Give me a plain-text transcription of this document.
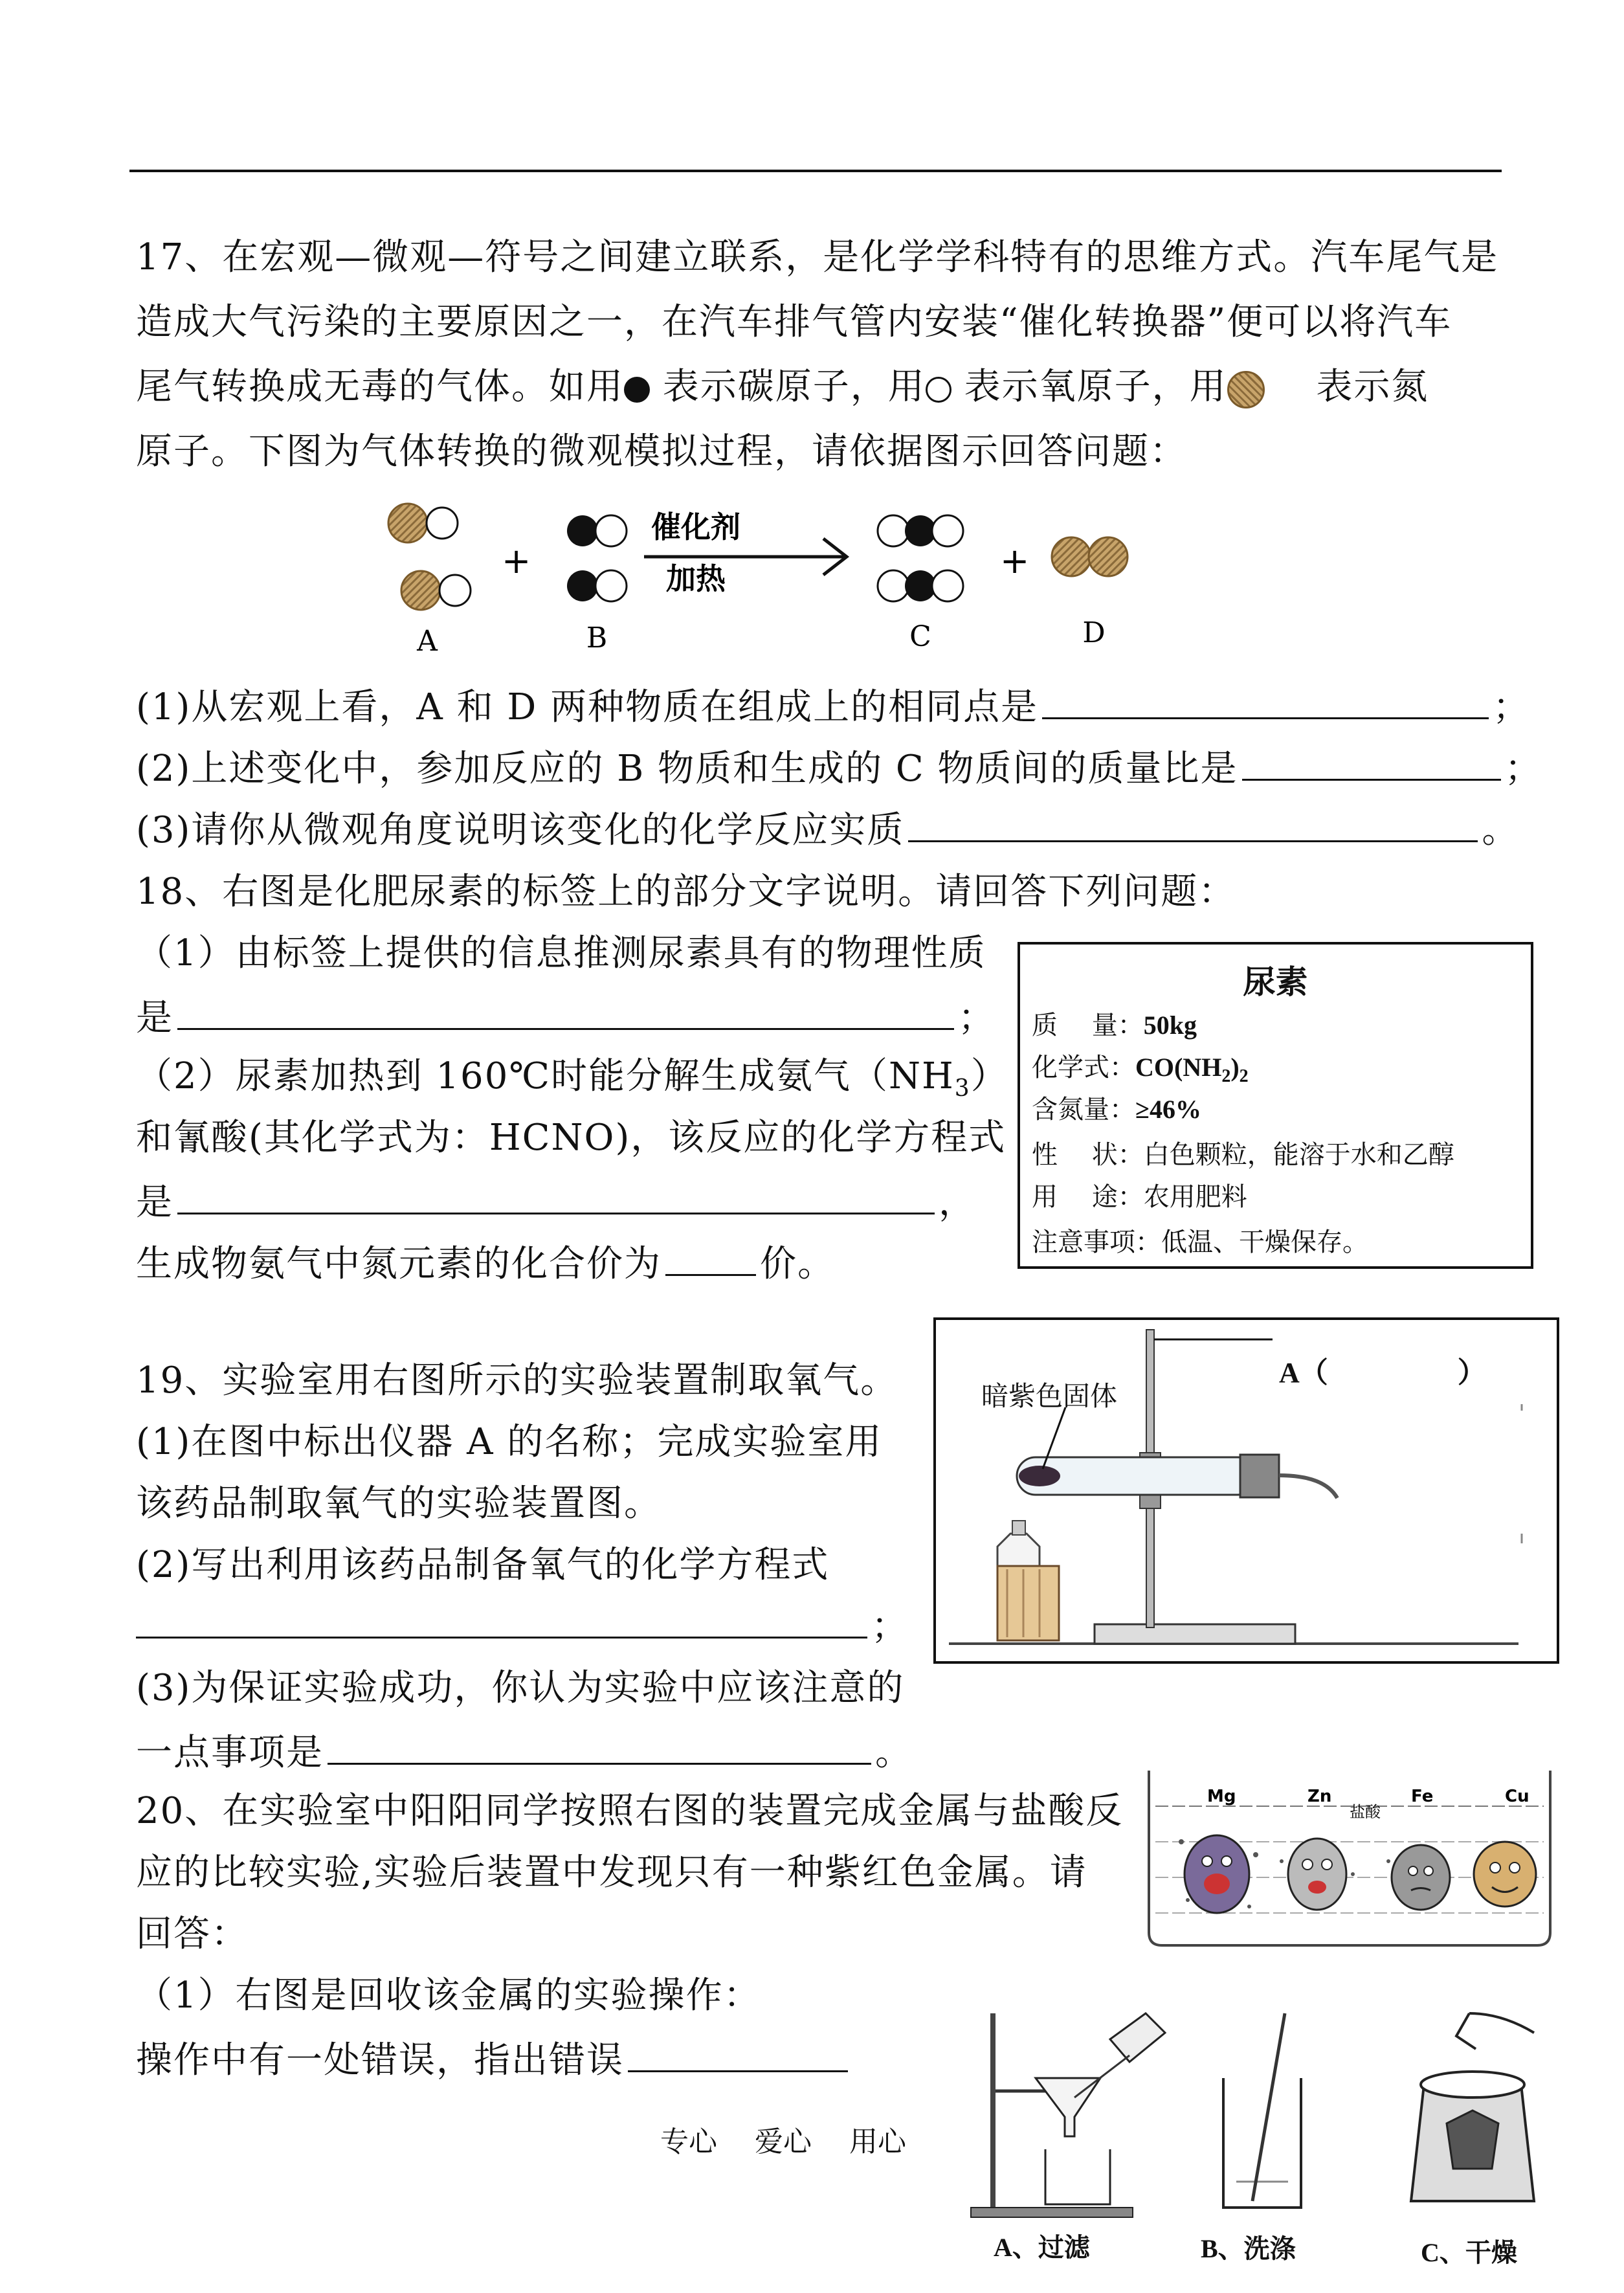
17、在宏观—微观—符号之间建立联系，是化学学科特有的思维方式。汽车尾气是
造成大气污染的主要原因之一，在汽车排气管内安装“催化转换器”便可以将汽车
尾气转换成无毒的气体。如用 表示碳原子，用 表示氧原子，用 表示氮
原子。下图为气体转换的微观模拟过程，请依据图示回答问题：
+
催化剂
加热	+
A	B	C	D
(1)从宏观上看，A 和 D 两种物质在组成上的相同点是	；
(2)上述变化中，参加反应的 B 物质和生成的 C 物质间的质量比是	；
(3)请你从微观角度说明该变化的化学反应实质	。
18、右图是化肥尿素的标签上的部分文字说明。请回答下列问题：
（1）由标签上提供的信息推测尿素具有的物理性质
是	；
（2）尿素加热到 160℃时能分解生成氨气$(NH_3)$
和氰酸(其化学式为：HCNO)，该反应的化学方程式
是	，
生成物氨气中氮元素的化合价为	价。
尿素
质　 量：50kg
化学式：$CO(NH_2)_2$
含氮量：≥46%
性　 状：白色颗粒，能溶于水和乙醇
用　 途：农用肥料
注意事项：低温、干燥保存。
19、实验室用右图所示的实验装置制取氧气。
(1)在图中标出仪器 A 的名称；完成实验室用
该药品制取氧气的实验装置图。
(2)写出利用该药品制备氧气的化学方程式
；
(3)为保证实验成功，你认为实验中应该注意的
一点事项是	。
暗紫色固体
A（	）
20、在实验室中阳阳同学按照右图的装置完成金属与盐酸反
应的比较实验,实验后装置中发现只有一种紫红色金属。请
回答：
（1）右图是回收该金属的实验操作：
操作中有一处错误，指出错误
Mg	Zn	Fe	Cu
盐酸
A、过滤	B、洗涤	C、干燥
专心　 爱心　 用心
